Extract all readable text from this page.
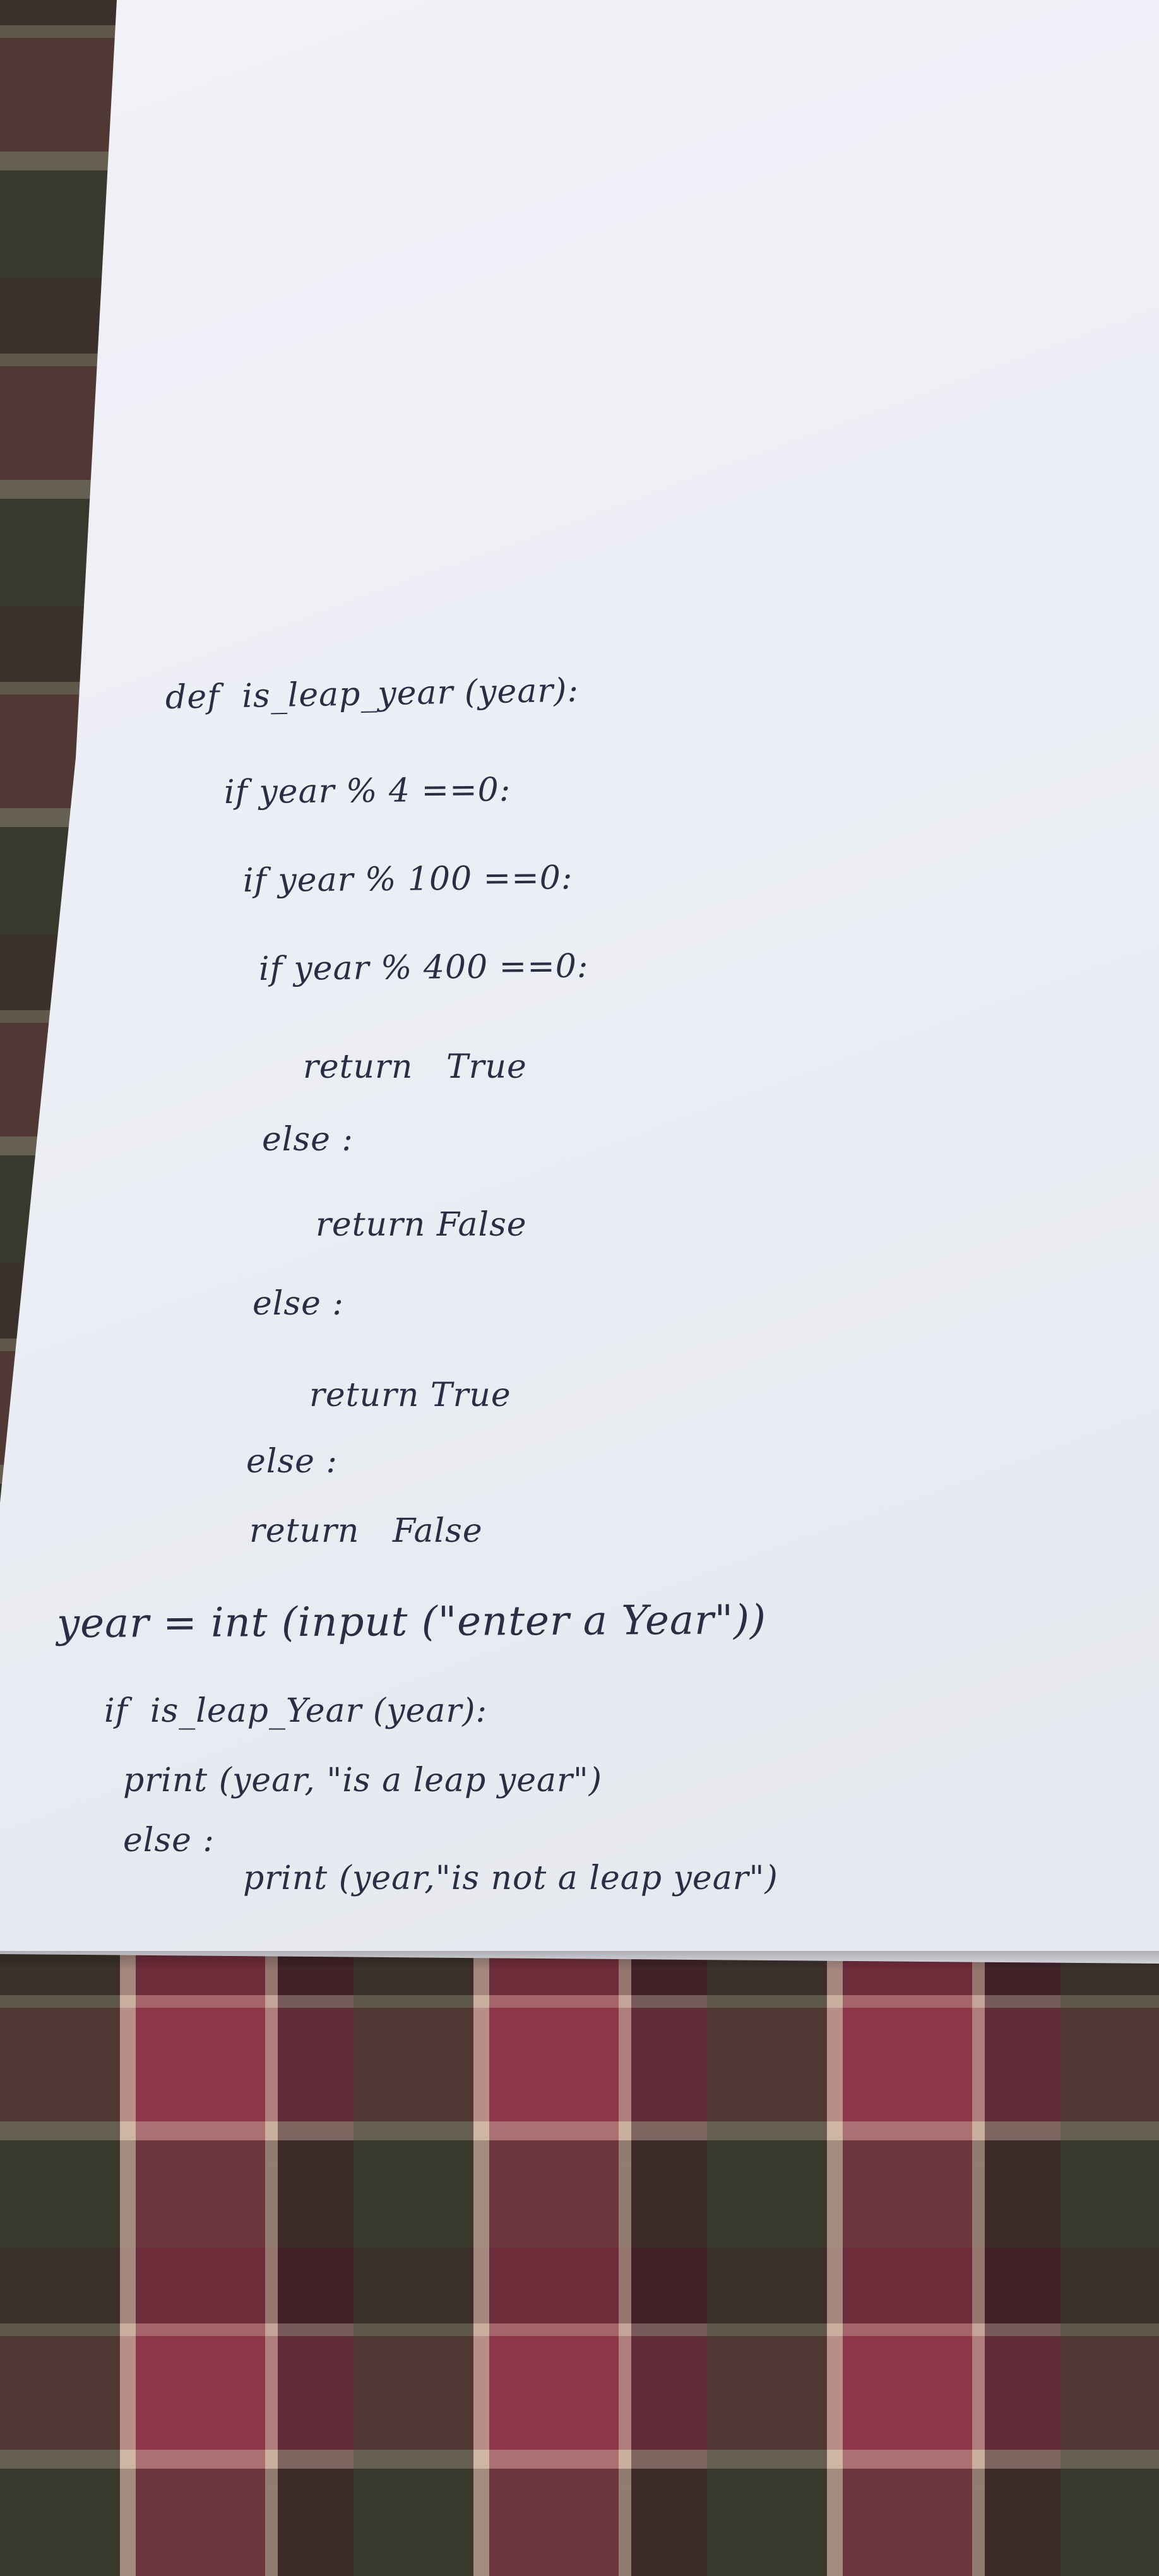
def  is_leap_year (year):
if year % 4 ==0:
if year % 100 ==0:
if year % 400 ==0:
return   True
else :
return False
else :
return True
else :
return   False
year = int (input ("enter a Year"))
if  is_leap_Year (year):
print (year, "is a leap year")
else :
print (year,"is not a leap year")
